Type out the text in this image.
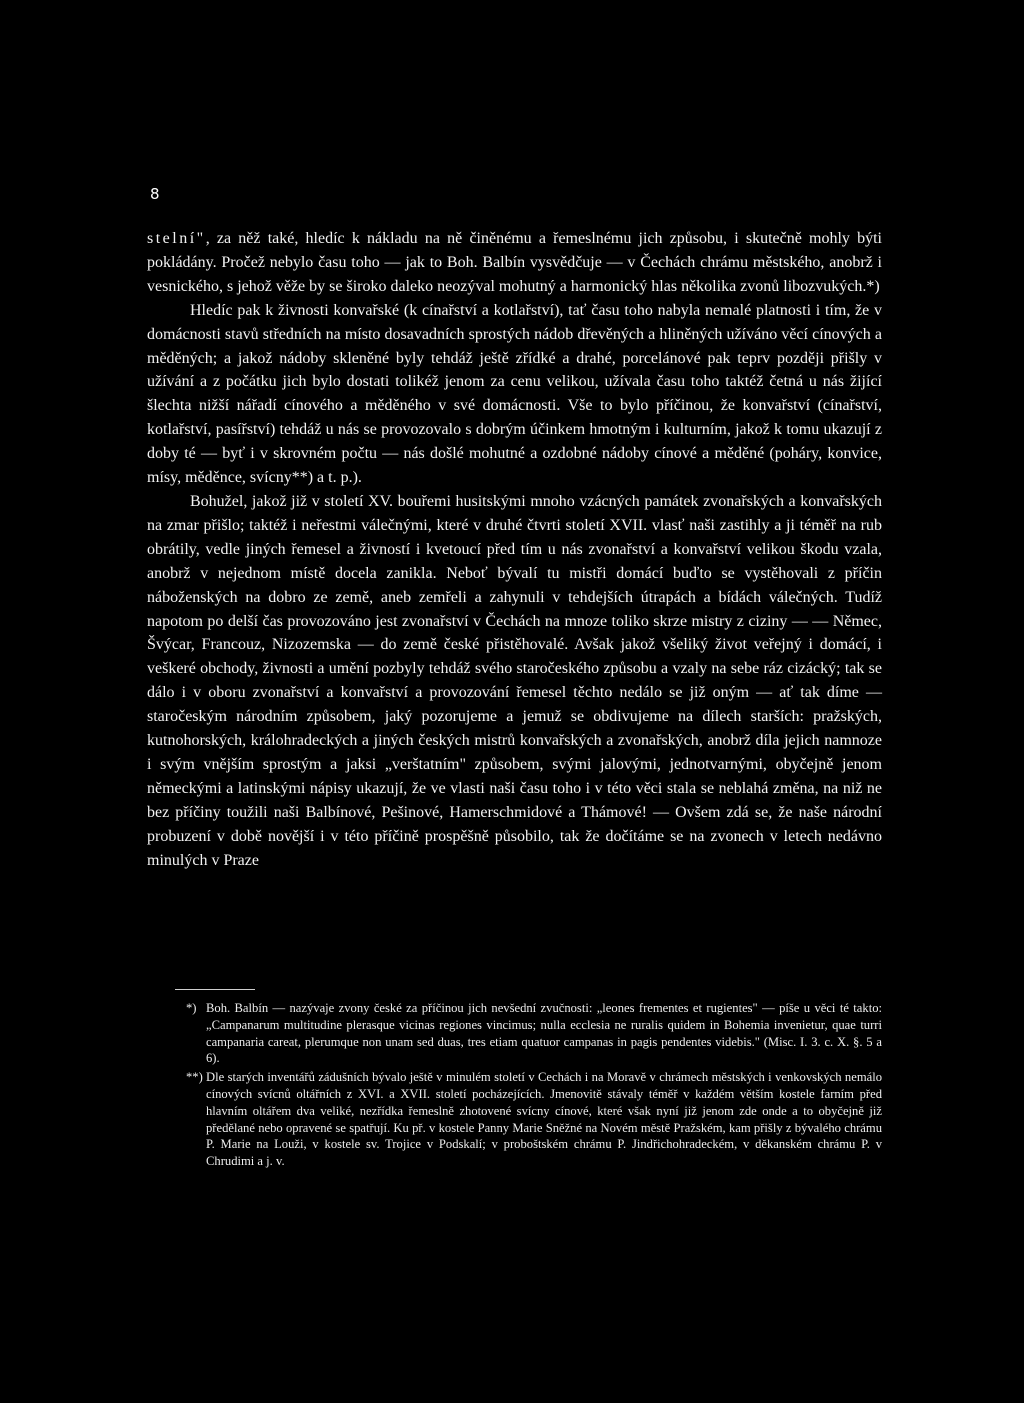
8

stelní", za něž také, hledíc k nákladu na ně činěnému a řemeslnému jich způsobu, i skutečně mohly býti pokládány. Pročež nebylo času toho — jak to Boh. Balbín vysvědčuje — v Čechách chrámu městského, anobrž i vesnického, s jehož věže by se široko daleko neozýval mohutný a harmonický hlas několika zvonů libozvukých.*)

Hledíc pak k živnosti konvařské (k cínařství a kotlařství), tať času toho nabyla nemalé platnosti i tím, že v domácnosti stavů středních na místo dosavadních sprostých nádob dřevěných a hliněných užíváno věcí cínových a měděných; a jakož nádoby skleněné byly tehdáž ještě zřídké a drahé, porcelánové pak teprv později přišly v užívání a z počátku jich bylo dostati tolikéž jenom za cenu velikou, užívala času toho taktéž četná u nás žijící šlechta nižší nářadí cínového a měděného v své domácnosti. Vše to bylo příčinou, že konvařství (cínařství, kotlařství, pasířství) tehdáž u nás se provozovalo s dobrým účinkem hmotným i kulturním, jakož k tomu ukazují z doby té — byť i v skrovném počtu — nás došlé mohutné a ozdobné nádoby cínové a měděné (poháry, konvice, mísy, měděnce, svícny**) a t. p.).

Bohužel, jakož již v století XV. bouřemi husitskými mnoho vzácných památek zvonařských a konvařských na zmar přišlo; taktéž i neřestmi válečnými, které v druhé čtvrti století XVII. vlasť naši zastihly a ji téměř na rub obrátily, vedle jiných řemesel a živností i kvetoucí před tím u nás zvonařství a konvařství velikou škodu vzala, anobrž v nejednom místě docela zanikla. Neboť bývalí tu mistři domácí buďto se vystěhovali z příčin náboženských na dobro ze země, aneb zemřeli a zahynuli v tehdejších útrapách a bídách válečných. Tudíž napotom po delší čas provozováno jest zvonařství v Čechách na mnoze toliko skrze mistry z ciziny — — Němec, Švýcar, Francouz, Nizozemska — do země české přistěhovalé. Avšak jakož všeliký život veřejný i domácí, i veškeré obchody, živnosti a umění pozbyly tehdáž svého staročeského způsobu a vzaly na sebe ráz cizácký; tak se dálo i v oboru zvonařství a konvařství a provozování řemesel těchto nedálo se již oným — ať tak díme — staročeským národním způsobem, jaký pozorujeme a jemuž se obdivujeme na dílech starších: pražských, kutnohorských, králohradeckých a jiných českých mistrů konvařských a zvonařských, anobrž díla jejich namnoze i svým vnějším sprostým a jaksi „verštatním" způsobem, svými jalovými, jednotvarnými, obyčejně jenom německými a latinskými nápisy ukazují, že ve vlasti naši času toho i v této věci stala se neblahá změna, na niž ne bez příčiny toužili naši Balbínové, Pešinové, Hamerschmidové a Thámové! — Ovšem zdá se, že naše národní probuzení v době novější i v této příčině prospěšně působilo, tak že dočítáme se na zvonech v letech nedávno minulých v Praze

*) Boh. Balbín — nazývaje zvony české za příčinou jich nevšední zvučnosti: „leones frementes et rugientes" — píše u věci té takto: „Campanarum multitudine plerasque vicinas regiones vincimus; nulla ecclesia ne ruralis quidem in Bohemia invenietur, quae turri campanaria careat, plerumque non unam sed duas, tres etiam quatuor campanas in pagis pendentes videbis." (Misc. I. 3. c. X. §. 5 a 6).

**) Dle starých inventářů zádušních bývalo ještě v minulém století v Cechách i na Moravě v chrámech městských i venkovských nemálo cínových svícnů oltářních z XVI. a XVII. století pocházejících. Jmenovitě stávaly téměř v každém větším kostele farním před hlavním oltářem dva veliké, nezřídka řemeslně zhotovené svícny cínové, které však nyní již jenom zde onde a to obyčejně již předělané nebo opravené se spatřují. Ku př. v kostele Panny Marie Sněžné na Novém městě Pražském, kam přišly z bývalého chrámu P. Marie na Louži, v kostele sv. Trojice v Podskalí; v proboštském chrámu P. Jindřichohradeckém, v děkanském chrámu P. v Chrudimi a j. v.
